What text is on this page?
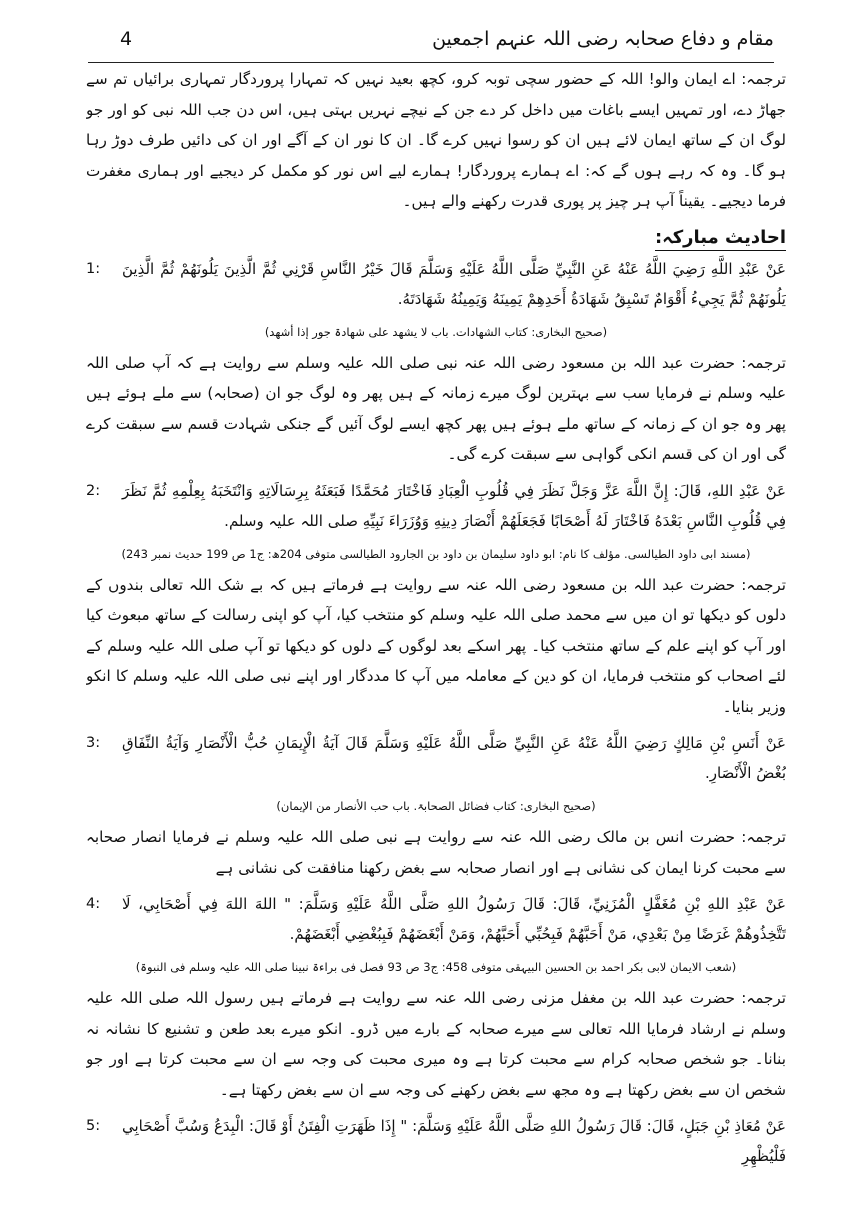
مقام و دفاع صحابہ رضی اللہ عنہم اجمعین
4

ترجمہ: اے ایمان والو! اللہ کے حضور سچی توبہ کرو، کچھ بعید نہیں کہ تمہارا پروردگار تمہاری برائیاں تم سے جھاڑ دے، اور تمہیں ایسے باغات میں داخل کر دے جن کے نیچے نہریں بہتی ہیں، اس دن جب اللہ نبی کو اور جو لوگ ان کے ساتھ ایمان لائے ہیں ان کو رسوا نہیں کرے گا۔ ان کا نور ان کے آگے اور ان کی دائیں طرف دوڑ رہا ہو گا۔ وہ کہ رہے ہوں گے کہ: اے ہمارے پروردگار! ہمارے لیے اس نور کو مکمل کر دیجیے اور ہماری مغفرت فرما دیجیے۔ یقیناً آپ ہر چیز پر پوری قدرت رکھنے والے ہیں۔

احادیث مبارکہ:
1: عَنْ عَبْدِ اللَّهِ رَضِيَ اللَّهُ عَنْهُ عَنِ النَّبِيِّ صَلَّى اللَّهُ عَلَيْهِ وَسَلَّمَ قَالَ خَيْرُ النَّاسِ قَرْنِي ثُمَّ الَّذِينَ يَلُونَهُمْ ثُمَّ الَّذِينَ يَلُونَهُمْ ثُمَّ يَجِيءُ أَقْوَامٌ تَسْبِقُ شَهَادَةُ أَحَدِهِمْ يَمِينَهُ وَيَمِينُهُ شَهَادَتَهُ.
(صحیح البخاری: کتاب الشھادات. باب لا یشھد علی شھادۃ جور إذا أشھد)

ترجمہ: حضرت عبد اللہ بن مسعود رضی اللہ عنہ نبی صلی اللہ علیہ وسلم سے روایت ہے کہ آپ صلی اللہ علیہ وسلم نے فرمایا سب سے بہترین لوگ میرے زمانہ کے ہیں پھر وہ لوگ جو ان (صحابہ) سے ملے ہوئے ہیں پھر وہ جو ان کے زمانہ کے ساتھ ملے ہوئے ہیں پھر کچھ ایسے لوگ آئیں گے جنکی شہادت قسم سے سبقت کرے گی اور ان کی قسم انکی گواہی سے سبقت کرے گی۔

2: عَنْ عَبْدِ اللهِ، قَالَ: إِنَّ اللَّهَ عَزَّ وَجَلَّ نَظَرَ فِي قُلُوبِ الْعِبَادِ فَاخْتَارَ مُحَمَّدًا فَبَعَثَهُ بِرِسَالَاتِهِ وَانْتَخَبَهُ بِعِلْمِهِ ثُمَّ نَظَرَ فِي قُلُوبِ النَّاسِ بَعْدَهُ فَاخْتَارَ لَهُ أَصْحَابًا فَجَعَلَهُمْ أَنْصَارَ دِينِهِ وَوُزَرَاءَ نَبِيِّهِ صلی اللہ علیہ وسلم.
(مسند ابی داود الطیالسی. مؤلف کا نام: ابو داود سلیمان بن داود بن الجارود الطیالسی متوفی 204ھ: ج1 ص 199 حدیث نمبر 243)

ترجمہ: حضرت عبد اللہ بن مسعود رضی اللہ عنہ سے روایت ہے فرماتے ہیں کہ بے شک اللہ تعالی بندوں کے دلوں کو دیکھا تو ان میں سے محمد صلی اللہ علیہ وسلم کو منتخب کیا، آپ کو اپنی رسالت کے ساتھ مبعوث کیا اور آپ کو اپنے علم کے ساتھ منتخب کیا۔ پھر اسکے بعد لوگوں کے دلوں کو دیکھا تو آپ صلی اللہ علیہ وسلم کے لئے اصحاب کو منتخب فرمایا، ان کو دین کے معاملہ میں آپ کا مددگار اور اپنے نبی صلی اللہ علیہ وسلم کا انکو وزیر بنایا۔

3: عَنْ أَنَسِ بْنِ مَالِكٍ رَضِيَ اللَّهُ عَنْهُ عَنِ النَّبِيِّ صَلَّى اللَّهُ عَلَيْهِ وَسَلَّمَ قَالَ آيَةُ الْإِيمَانِ حُبُّ الْأَنْصَارِ وَآيَةُ النِّفَاقِ بُغْضُ الْأَنْصَارِ.
(صحیح البخاری: کتاب فضائل الصحابۃ. باب حب الأنصار من الإیمان)

ترجمہ: حضرت انس بن مالک رضی اللہ عنہ سے روایت ہے نبی صلی اللہ علیہ وسلم نے فرمایا انصار صحابہ سے محبت کرنا ایمان کی نشانی ہے اور انصار صحابہ سے بغض رکھنا منافقت کی نشانی ہے

4: عَنْ عَبْدِ اللهِ بْنِ مُغَفَّلٍ الْمُزَنِيِّ، قَالَ: قَالَ رَسُولُ اللهِ صَلَّى اللَّهُ عَلَيْهِ وَسَلَّمَ: " اللهَ اللهَ فِي أَصْحَابِي، لَا تَتَّخِذُوهُمْ غَرَضًا مِنْ بَعْدِي، مَنْ أَحَبَّهُمْ فَبِحُبِّي أَحَبَّهُمْ، وَمَنْ أَبْغَضَهُمْ فَبِبُغْضِي أَبْغَضَهُمْ.
(شعب الایمان لابی بکر احمد بن الحسین البیہقی متوفی 458: ج3 ص 93 فصل فی براءۃ نبینا صلی اللہ علیہ وسلم فی النبوۃ)

ترجمہ: حضرت عبد اللہ بن مغفل مزنی رضی اللہ عنہ سے روایت ہے فرماتے ہیں رسول اللہ صلی اللہ علیہ وسلم نے ارشاد فرمایا اللہ تعالی سے میرے صحابہ کے بارے میں ڈرو۔ انکو میرے بعد طعن و تشنیع کا نشانہ نہ بنانا۔ جو شخص صحابہ کرام سے محبت کرتا ہے وہ میری محبت کی وجہ سے ان سے محبت کرتا ہے اور جو شخص ان سے بغض رکھتا ہے وہ مجھ سے بغض رکھنے کی وجہ سے ان سے بغض رکھتا ہے۔

5: عَنْ مُعَاذِ بْنِ جَبَلٍ، قَالَ: قَالَ رَسُولُ اللهِ صَلَّى اللَّهُ عَلَيْهِ وَسَلَّمَ: " إِذَا ظَهَرَتِ الْفِتَنُ أَوْ قَالَ: الْبِدَعُ وَسُبَّ أَصْحَابِي فَلْيُظْهِرِ
